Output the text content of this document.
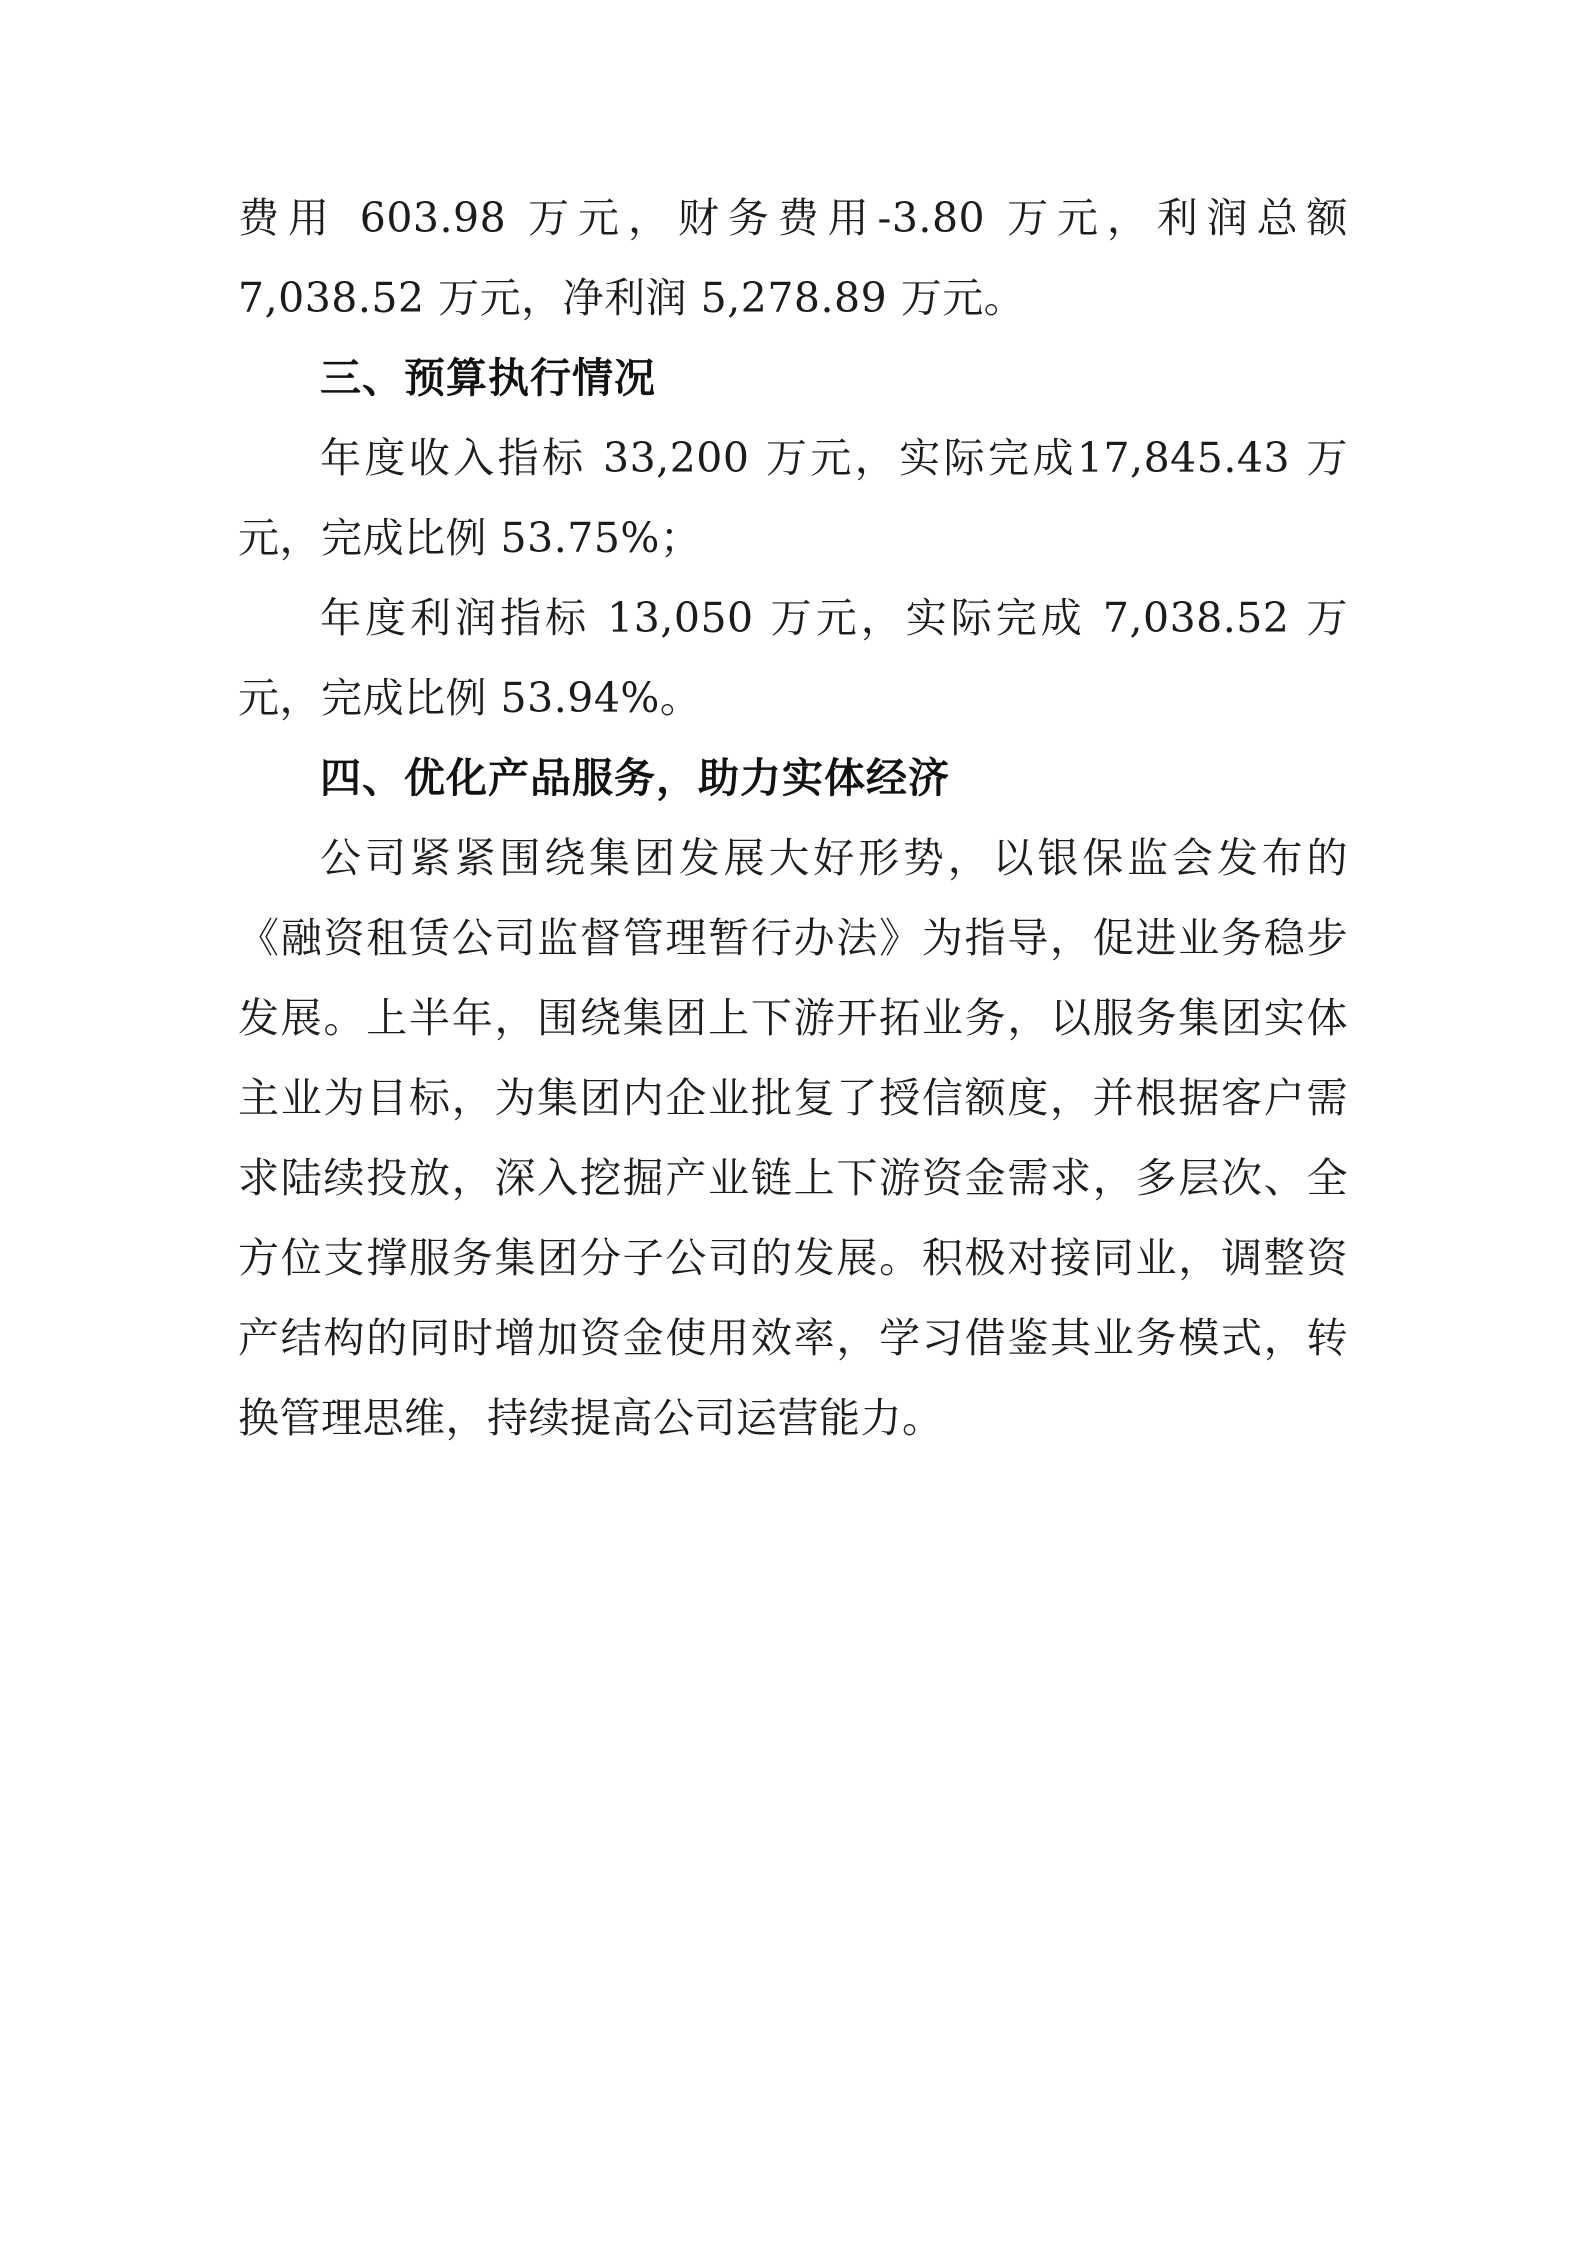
费用 603.98 万元，财务费用-3.80 万元，利润总额 7,038.52 万元，净利润 5,278.89 万元。

三、预算执行情况

年度收入指标 33,200 万元，实际完成17,845.43 万元，完成比例 53.75%；

年度利润指标 13,050 万元，实际完成 7,038.52 万元，完成比例 53.94%。

四、优化产品服务，助力实体经济

公司紧紧围绕集团发展大好形势，以银保监会发布的《融资租赁公司监督管理暂行办法》为指导，促进业务稳步发展。上半年，围绕集团上下游开拓业务，以服务集团实体主业为目标，为集团内企业批复了授信额度，并根据客户需求陆续投放，深入挖掘产业链上下游资金需求，多层次、全方位支撑服务集团分子公司的发展。积极对接同业，调整资产结构的同时增加资金使用效率，学习借鉴其业务模式，转换管理思维，持续提高公司运营能力。
